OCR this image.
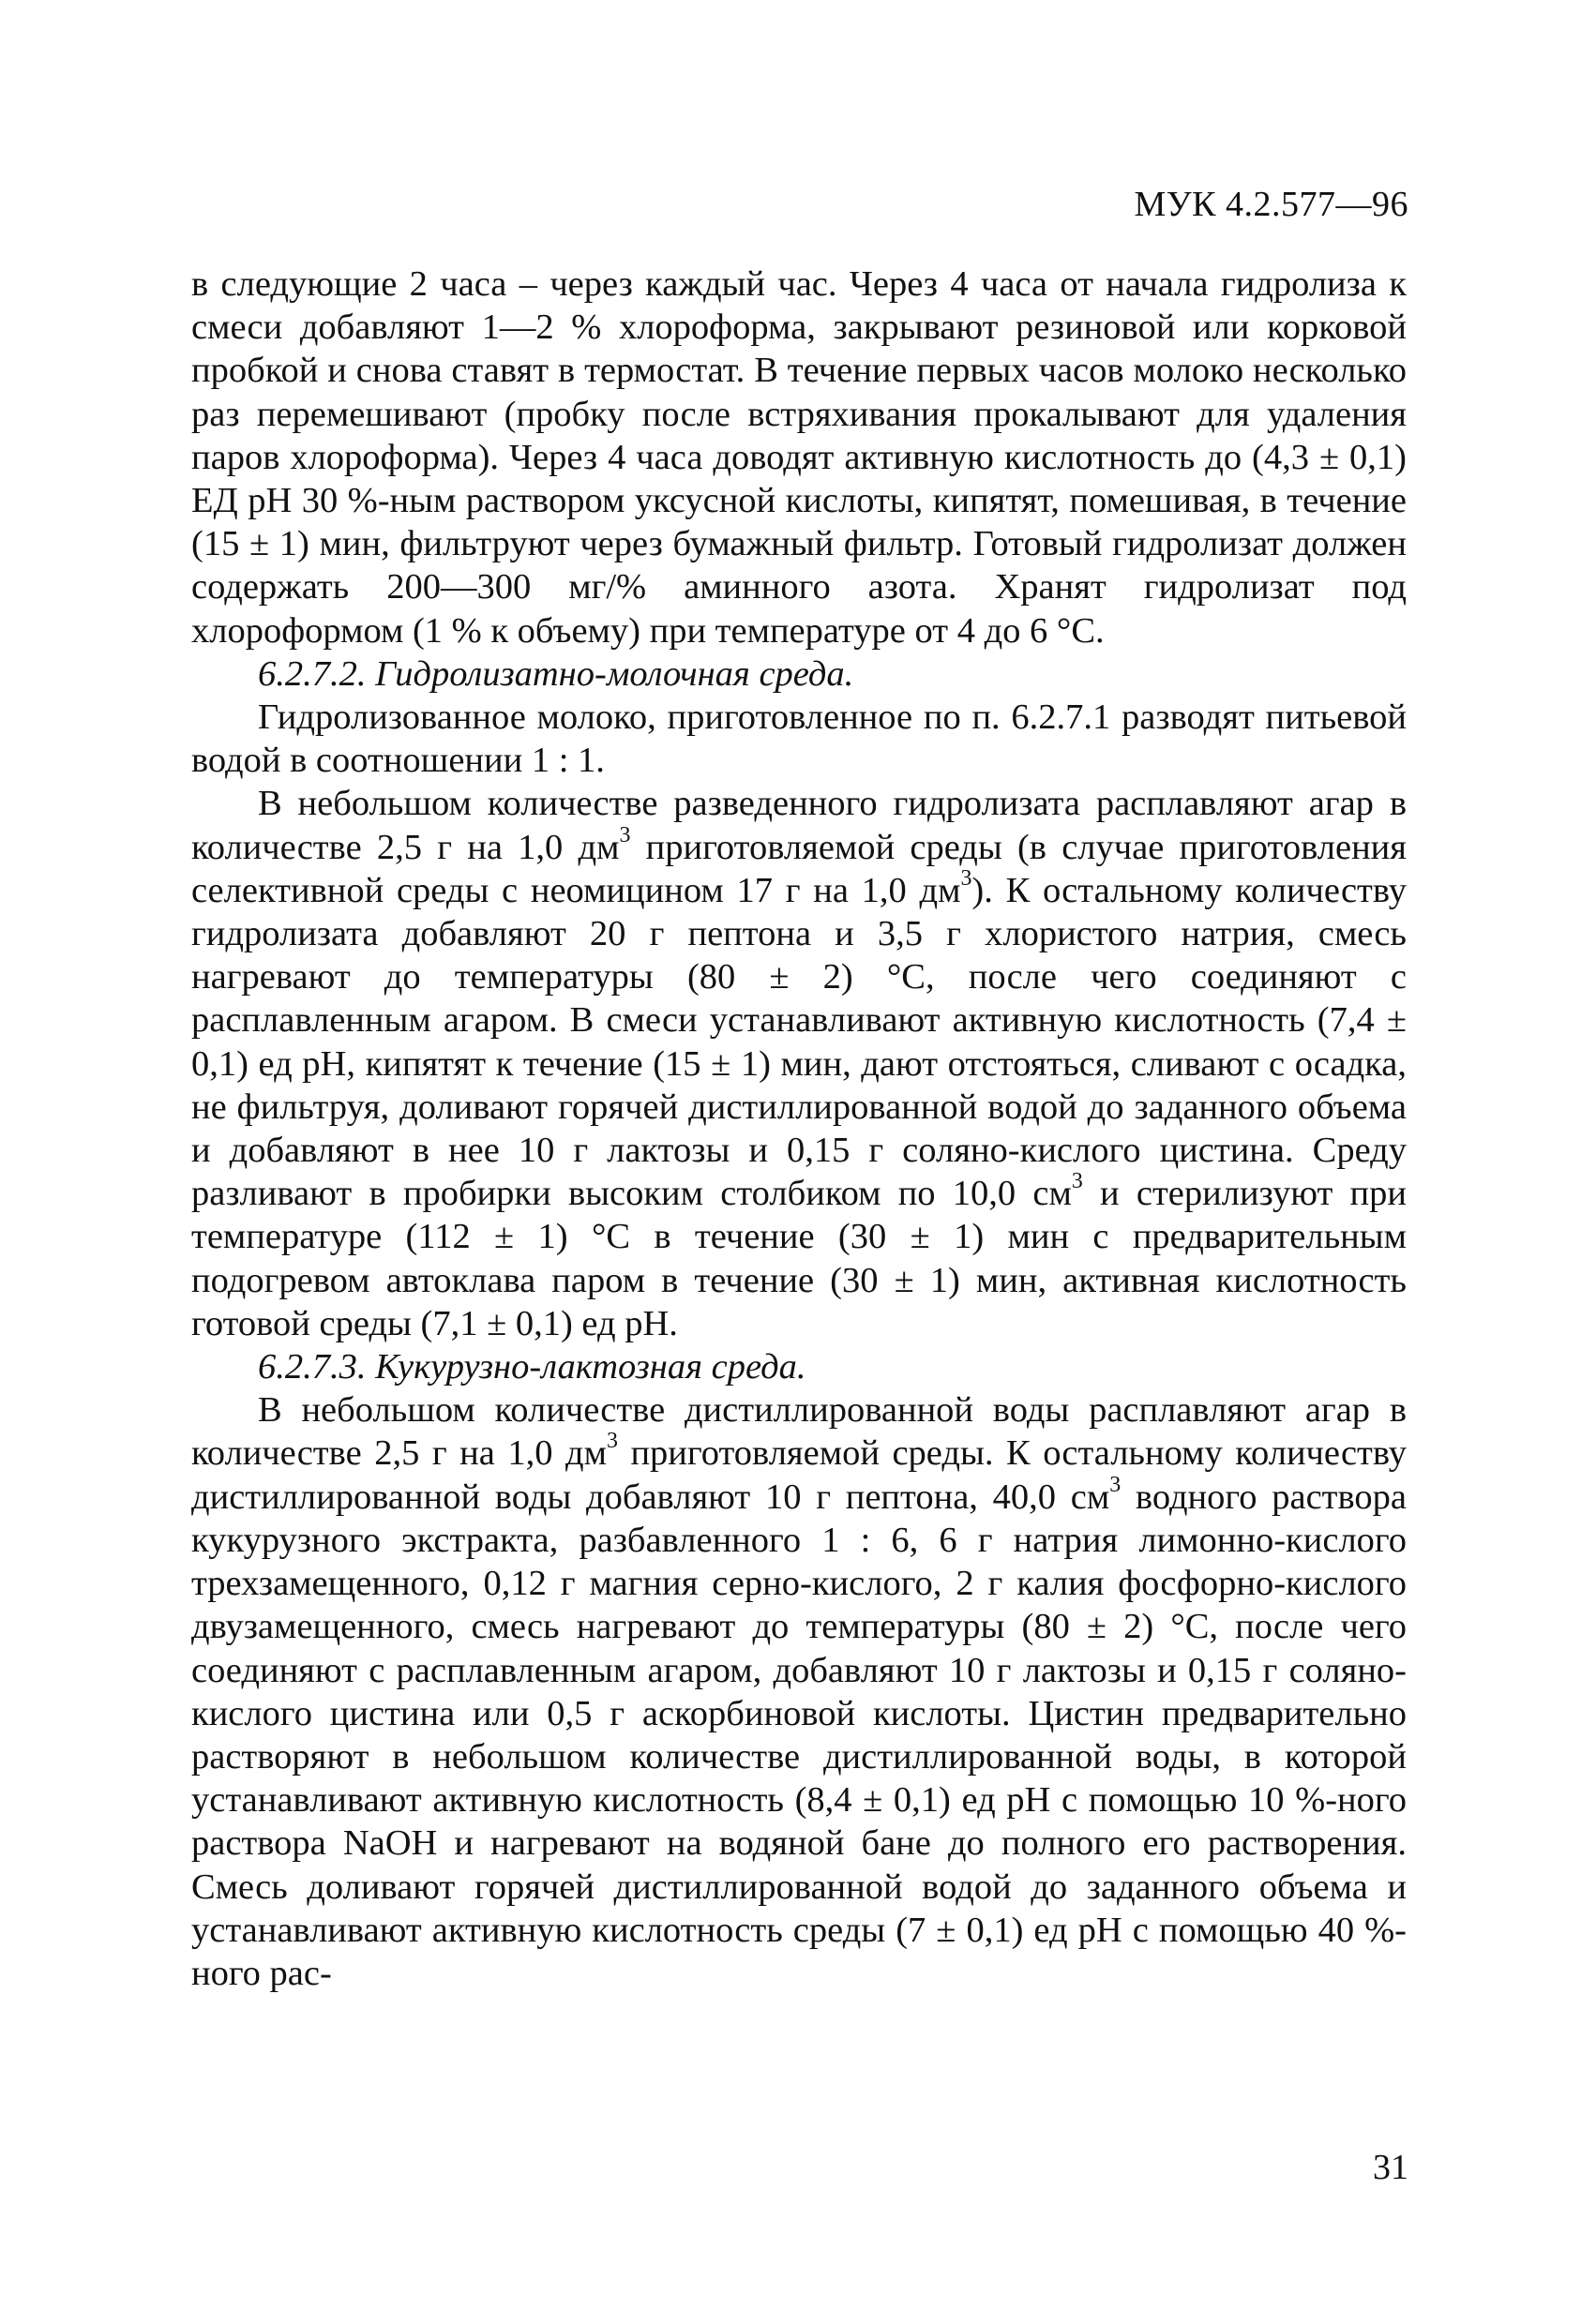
МУК 4.2.577—96

в следующие 2 часа – через каждый час. Через 4 часа от начала гидролиза к смеси добавляют 1—2 % хлороформа, закрывают резиновой или корковой пробкой и снова ставят в термостат. В течение первых часов молоко несколько раз перемешивают (пробку после встряхивания прокалывают для удаления паров хлороформа). Через 4 часа доводят активную кислотность до (4,3 ± 0,1) ЕД рН 30 %-ным раствором уксусной кислоты, кипятят, помешивая, в течение (15 ± 1) мин, фильтруют через бумажный фильтр. Готовый гидролизат должен содержать 200—300 мг/% аминного азота. Хранят гидролизат под хлороформом (1 % к объему) при температуре от 4 до 6 °С.

6.2.7.2. Гидролизатно-молочная среда.

Гидролизованное молоко, приготовленное по п. 6.2.7.1 разводят питьевой водой в соотношении 1 : 1.

В небольшом количестве разведенного гидролизата расплавляют агар в количестве 2,5 г на 1,0 $дм^3$ приготовляемой среды (в случае приготовления селективной среды с неомицином 17 г на 1,0 $дм^3$). К остальному количеству гидролизата добавляют 20 г пептона и 3,5 г хлористого натрия, смесь нагревают до температуры (80 ± 2) °С, после чего соединяют с расплавленным агаром. В смеси устанавливают активную кислотность (7,4 ± 0,1) ед рН, кипятят к течение (15 ± 1) мин, дают отстояться, сливают с осадка, не фильтруя, доливают горячей дистиллированной водой до заданного объема и добавляют в нее 10 г лактозы и 0,15 г соляно-кислого цистина. Среду разливают в пробирки высоким столбиком по 10,0 $см^3$ и стерилизуют при температуре (112 ± 1) °С в течение (30 ± 1) мин с предварительным подогревом автоклава паром в течение (30 ± 1) мин, активная кислотность готовой среды (7,1 ± 0,1) ед рН.

6.2.7.3. Кукурузно-лактозная среда.

В небольшом количестве дистиллированной воды расплавляют агар в количестве 2,5 г на 1,0 $дм^3$ приготовляемой среды. К остальному количеству дистиллированной воды добавляют 10 г пептона, 40,0 $см^3$ водного раствора кукурузного экстракта, разбавленного 1 : 6, 6 г натрия лимонно-кислого трехзамещенного, 0,12 г магния серно-кислого, 2 г калия фосфорно-кислого двузамещенного, смесь нагревают до температуры (80 ± 2) °С, после чего соединяют с расплавленным агаром, добавляют 10 г лактозы и 0,15 г соляно-кислого цистина или 0,5 г аскорбиновой кислоты. Цистин предварительно растворяют в небольшом количестве дистиллированной воды, в которой устанавливают активную кислотность (8,4 ± 0,1) ед рН с помощью 10 %-ного раствора NaOH и нагревают на водяной бане до полного его растворения. Смесь доливают горячей дистиллированной водой до заданного объема и устанавливают активную кислотность среды (7 ± 0,1) ед рН с помощью 40 %-ного рас-

31
